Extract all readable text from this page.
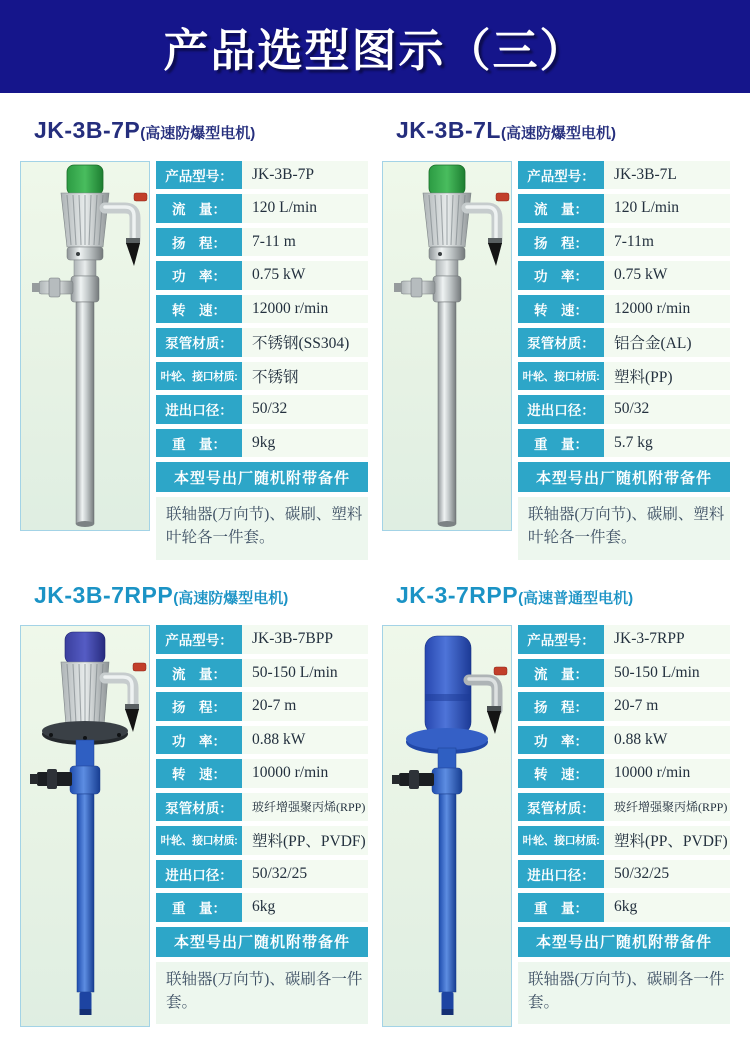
产品选型图示（三）
JK-3B-7P(高速防爆型电机)
产品型号：	JK-3B-7P
流　量：	120 L/min
扬　程：	7-11 m
功　率：	0.75 kW
转　速：	12000 r/min
泵管材质：	不锈钢(SS304)
叶轮、接口材质: 不锈钢
进出口径：	50/32
重　量：	9kg
本型号出厂随机附带备件
联轴器(万向节)、碳刷、塑料叶轮各一件套。
JK-3B-7L(高速防爆型电机)
产品型号：	JK-3B-7L
流　量：	120 L/min
扬　程：	7-11m
功　率：	0.75 kW
转　速：	12000 r/min
泵管材质：	铝合金(AL)
叶轮、接口材质: 塑料(PP)
进出口径：	50/32
重　量：	5.7 kg
本型号出厂随机附带备件
联轴器(万向节)、碳刷、塑料叶轮各一件套。
JK-3B-7RPP(高速防爆型电机)
产品型号：	JK-3B-7BPP
流　量：	50-150 L/min
扬　程：	20-7 m
功　率：	0.88 kW
转　速：	10000 r/min
泵管材质：	玻纤增强聚丙烯(RPP)
叶轮、接口材质: 塑料(PP、PVDF)
进出口径：	50/32/25
重　量：	6kg
本型号出厂随机附带备件
联轴器(万向节)、碳刷各一件套。
JK-3-7RPP(高速普通型电机)
产品型号：	JK-3-7RPP
流　量：	50-150 L/min
扬　程：	20-7 m
功　率：	0.88 kW
转　速：	10000 r/min
泵管材质：	玻纤增强聚丙烯(RPP)
叶轮、接口材质: 塑料(PP、PVDF)
进出口径：	50/32/25
重　量：	6kg
本型号出厂随机附带备件
联轴器(万向节)、碳刷各一件套。
